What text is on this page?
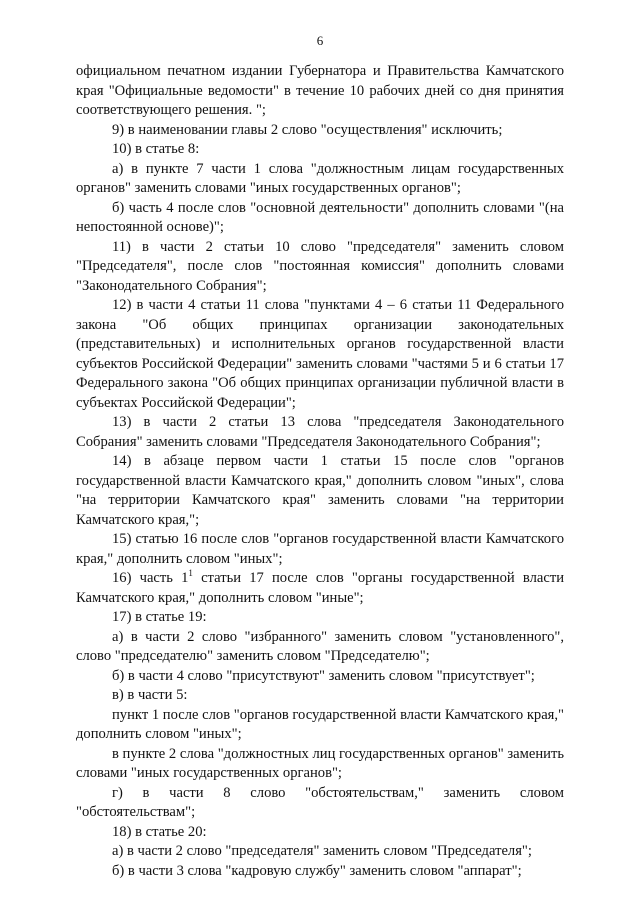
6

официальном печатном издании Губернатора и Правительства Камчатского края "Официальные ведомости" в течение 10 рабочих дней со дня принятия соответствующего решения. ";

9) в наименовании главы 2 слово "осуществления" исключить;

10) в статье 8:

а) в пункте 7 части 1 слова "должностным лицам государственных органов" заменить словами "иных государственных органов";

б) часть 4 после слов "основной деятельности" дополнить словами "(на непостоянной основе)";

11) в части 2 статьи 10 слово "председателя" заменить словом "Председателя", после слов "постоянная комиссия" дополнить словами "Законодательного Собрания";

12) в части 4 статьи 11 слова "пунктами 4 – 6 статьи 11 Федерального закона "Об общих принципах организации законодательных (представительных) и исполнительных органов государственной власти субъектов Российской Федерации" заменить словами "частями 5 и 6 статьи 17 Федерального закона "Об общих принципах организации публичной власти в субъектах Российской Федерации";

13) в части 2 статьи 13 слова "председателя Законодательного Собрания" заменить словами "Председателя Законодательного Собрания";

14) в абзаце первом части 1 статьи 15 после слов "органов государственной власти Камчатского края," дополнить словом "иных", слова "на территории Камчатского края" заменить словами "на территории Камчатского края,";

15) статью 16 после слов "органов государственной власти Камчатского края," дополнить словом "иных";

16) часть $1^1$ статьи 17 после слов "органы государственной власти Камчатского края," дополнить словом "иные";

17) в статье 19:

а) в части 2 слово "избранного" заменить словом "установленного", слово "председателю" заменить словом "Председателю";

б) в части 4 слово "присутствуют" заменить словом "присутствует";

в) в части 5:

пункт 1 после слов "органов государственной власти Камчатского края," дополнить словом "иных";

в пункте 2 слова "должностных лиц государственных органов" заменить словами "иных государственных органов";

г) в части 8 слово "обстоятельствам," заменить словом "обстоятельствам";

18) в статье 20:

а) в части 2 слово "председателя" заменить словом "Председателя";

б) в части 3 слова "кадровую службу" заменить словом "аппарат";
